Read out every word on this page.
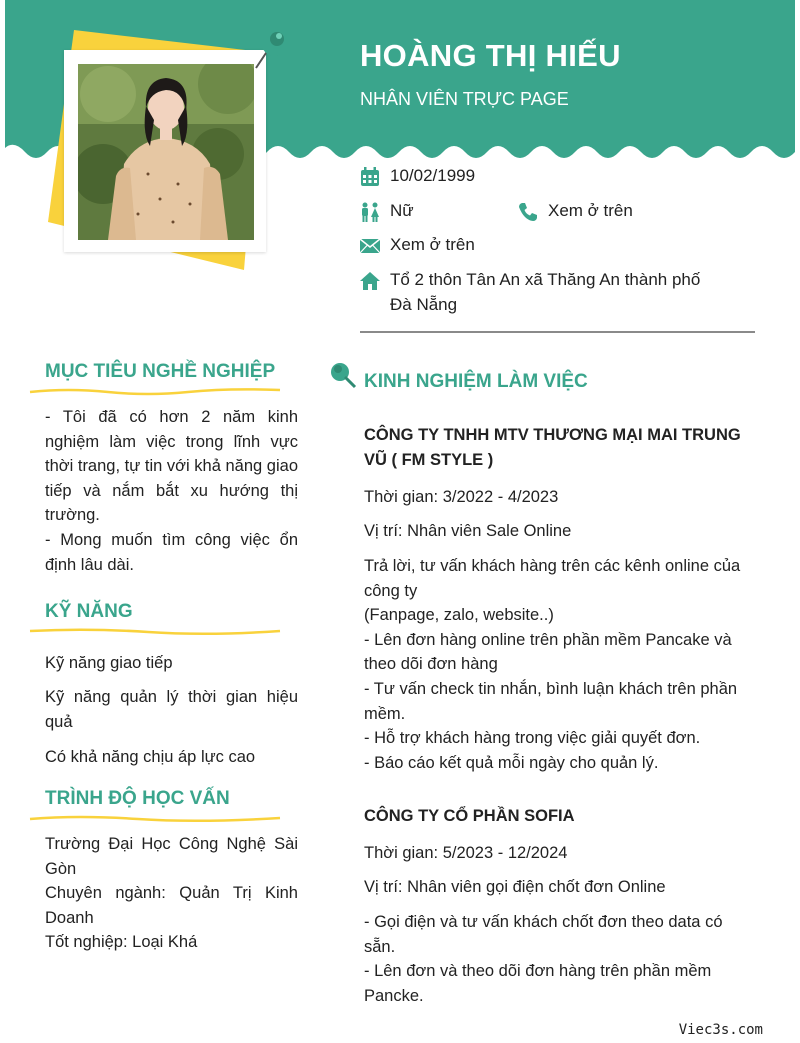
HOÀNG THỊ HIẾU
NHÂN VIÊN TRỰC PAGE
10/02/1999
Nữ	Xem ở trên
Xem ở trên
Tổ 2 thôn Tân An xã Thăng An thành phố
Đà Nẵng
MỤC TIÊU NGHỀ NGHIỆP
- Tôi đã có hơn 2 năm kinh nghiệm làm việc trong lĩnh vực thời trang, tự tin với khả năng giao tiếp và nắm bắt xu hướng thị trường.
- Mong muốn tìm công việc ổn định lâu dài.
KỸ NĂNG
Kỹ năng giao tiếp
Kỹ năng quản lý thời gian hiệu quả
Có khả năng chịu áp lực cao
TRÌNH ĐỘ HỌC VẤN
Trường Đại Học Công Nghệ Sài Gòn
Chuyên ngành: Quản Trị Kinh Doanh
Tốt nghiệp: Loại Khá
KINH NGHIỆM LÀM VIỆC
CÔNG TY TNHH MTV THƯƠNG MẠI MAI TRUNG VŨ ( FM STYLE )
Thời gian: 3/2022 - 4/2023
Vị trí: Nhân viên Sale Online
Trả lời, tư vấn khách hàng trên các kênh online của công ty
(Fanpage, zalo, website..)
- Lên đơn hàng online trên phần mềm Pancake và theo dõi đơn hàng
- Tư vấn check tin nhắn, bình luận khách trên phần mềm.
- Hỗ trợ khách hàng trong việc giải quyết đơn.
- Báo cáo kết quả mỗi ngày cho quản lý.
CÔNG TY CỔ PHẦN SOFIA
Thời gian: 5/2023 - 12/2024
Vị trí: Nhân viên gọi điện chốt đơn Online
- Gọi điện và tư vấn khách chốt đơn theo data có sẵn.
- Lên đơn và theo dõi đơn hàng trên phần mềm Pancke.
Viec3s.com
